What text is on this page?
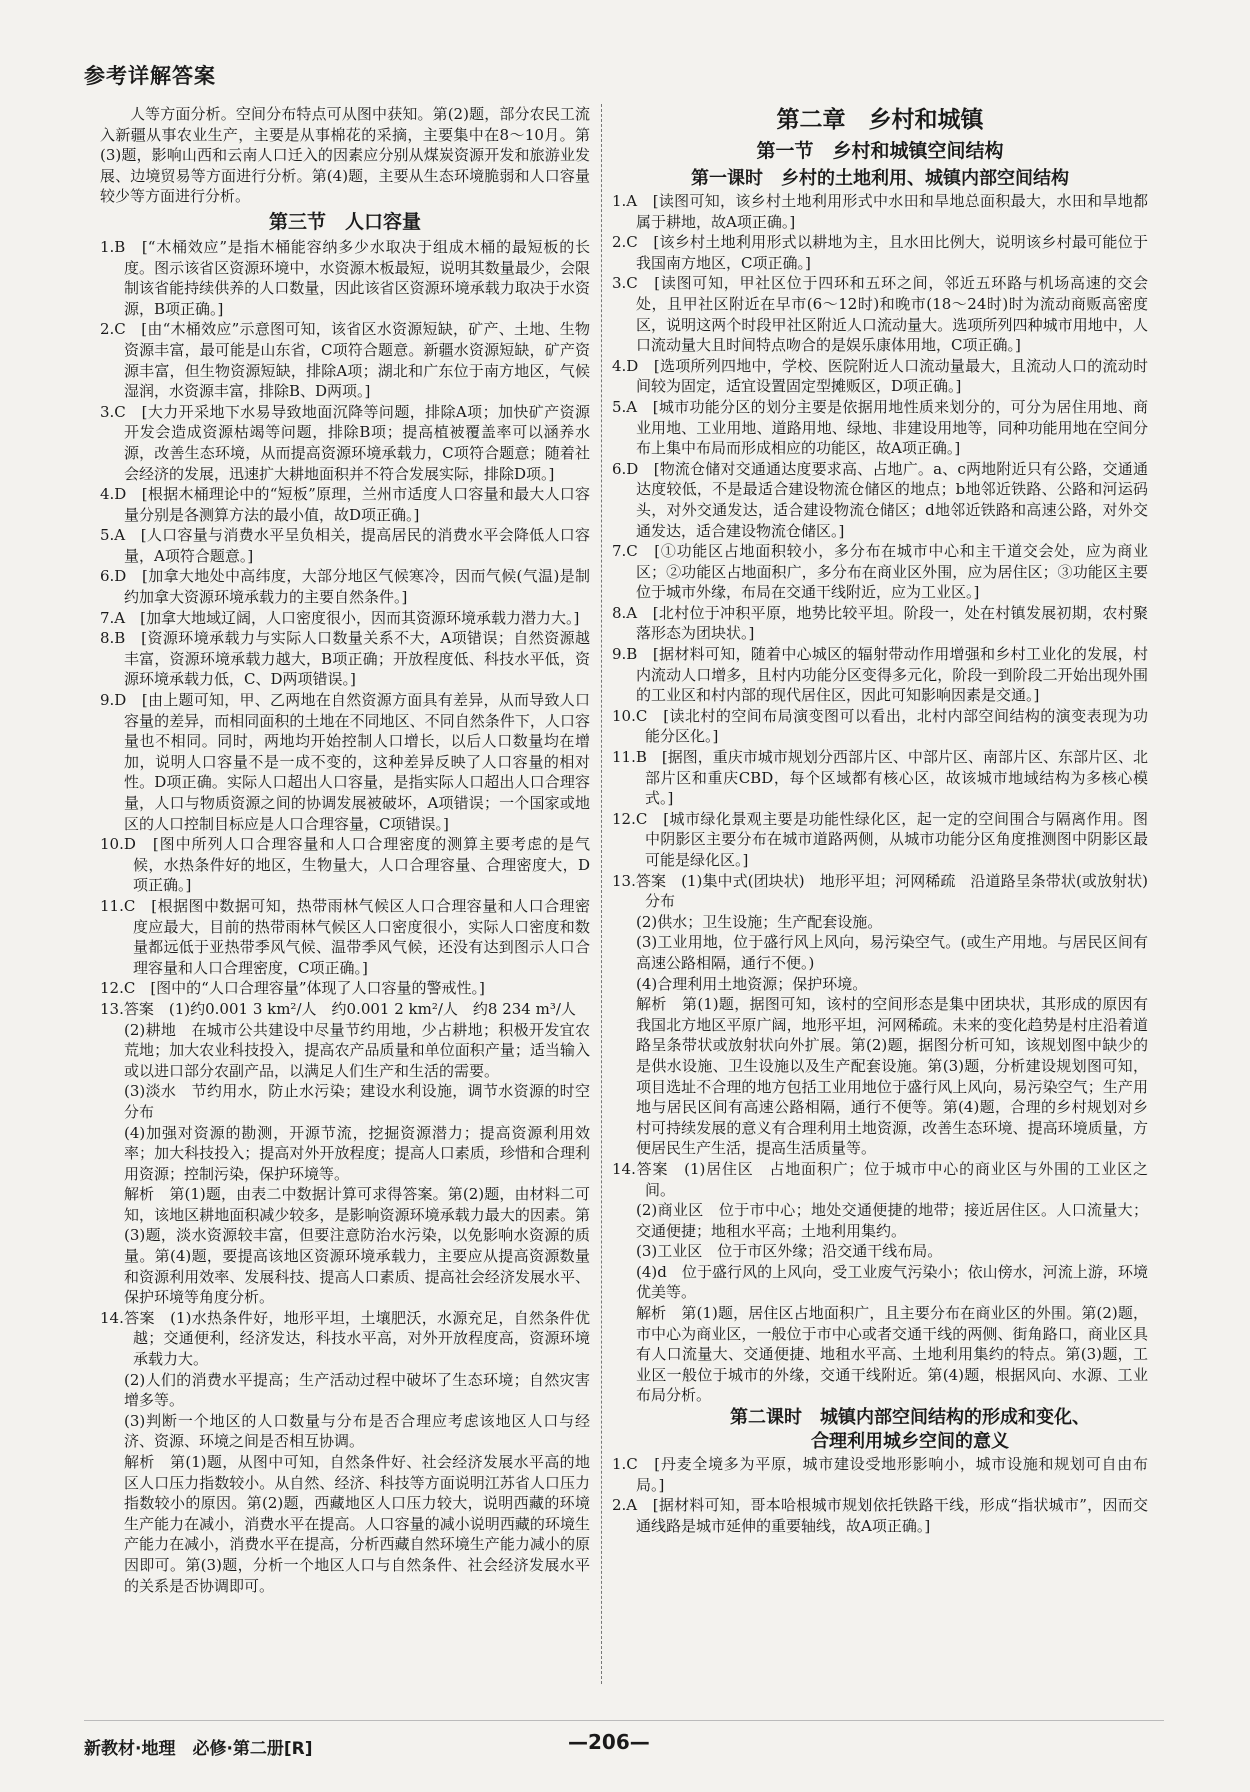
参考详解答案

人等方面分析。空间分布特点可从图中获知。第(2)题，部分农民工流入新疆从事农业生产，主要是从事棉花的采摘，主要集中在8～10月。第(3)题，影响山西和云南人口迁入的因素应分别从煤炭资源开发和旅游业发展、边境贸易等方面进行分析。第(4)题，主要从生态环境脆弱和人口容量较少等方面进行分析。

第三节　人口容量

1.B　[“木桶效应”是指木桶能容纳多少水取决于组成木桶的最短板的长度。图示该省区资源环境中，水资源木板最短，说明其数量最少，会限制该省能持续供养的人口数量，因此该省区资源环境承载力取决于水资源，B项正确。]

2.C　[由“木桶效应”示意图可知，该省区水资源短缺，矿产、土地、生物资源丰富，最可能是山东省，C项符合题意。新疆水资源短缺，矿产资源丰富，但生物资源短缺，排除A项；湖北和广东位于南方地区，气候湿润，水资源丰富，排除B、D两项。]

3.C　[大力开采地下水易导致地面沉降等问题，排除A项；加快矿产资源开发会造成资源枯竭等问题，排除B项；提高植被覆盖率可以涵养水源，改善生态环境，从而提高资源环境承载力，C项符合题意；随着社会经济的发展，迅速扩大耕地面积并不符合发展实际，排除D项。]

4.D　[根据木桶理论中的“短板”原理，兰州市适度人口容量和最大人口容量分别是各测算方法的最小值，故D项正确。]

5.A　[人口容量与消费水平呈负相关，提高居民的消费水平会降低人口容量，A项符合题意。]

6.D　[加拿大地处中高纬度，大部分地区气候寒冷，因而气候(气温)是制约加拿大资源环境承载力的主要自然条件。]

7.A　[加拿大地域辽阔，人口密度很小，因而其资源环境承载力潜力大。]

8.B　[资源环境承载力与实际人口数量关系不大，A项错误；自然资源越丰富，资源环境承载力越大，B项正确；开放程度低、科技水平低，资源环境承载力低，C、D两项错误。]

9.D　[由上题可知，甲、乙两地在自然资源方面具有差异，从而导致人口容量的差异，而相同面积的土地在不同地区、不同自然条件下，人口容量也不相同。同时，两地均开始控制人口增长，以后人口数量均在增加，说明人口容量不是一成不变的，这种差异反映了人口容量的相对性。D项正确。实际人口超出人口容量，是指实际人口超出人口合理容量，人口与物质资源之间的协调发展被破坏，A项错误；一个国家或地区的人口控制目标应是人口合理容量，C项错误。]

10.D　[图中所列人口合理容量和人口合理密度的测算主要考虑的是气候，水热条件好的地区，生物量大，人口合理容量、合理密度大，D项正确。]

11.C　[根据图中数据可知，热带雨林气候区人口合理容量和人口合理密度应最大，目前的热带雨林气候区人口密度很小，实际人口密度和数量都远低于亚热带季风气候、温带季风气候，还没有达到图示人口合理容量和人口合理密度，C项正确。]

12.C　[图中的“人口合理容量”体现了人口容量的警戒性。]

13.答案　(1)约0.001 3 km²/人　约0.001 2 km²/人　约8 234 m³/人

(2)耕地　在城市公共建设中尽量节约用地，少占耕地；积极开发宜农荒地；加大农业科技投入，提高农产品质量和单位面积产量；适当输入或以进口部分农副产品，以满足人们生产和生活的需要。

(3)淡水　节约用水，防止水污染；建设水利设施，调节水资源的时空分布

(4)加强对资源的勘测，开源节流，挖掘资源潜力；提高资源利用效率；加大科技投入；提高对外开放程度；提高人口素质，珍惜和合理利用资源；控制污染，保护环境等。

解析　第(1)题，由表二中数据计算可求得答案。第(2)题，由材料二可知，该地区耕地面积减少较多，是影响资源环境承载力最大的因素。第(3)题，淡水资源较丰富，但要注意防治水污染，以免影响水资源的质量。第(4)题，要提高该地区资源环境承载力，主要应从提高资源数量和资源利用效率、发展科技、提高人口素质、提高社会经济发展水平、保护环境等角度分析。

14.答案　(1)水热条件好，地形平坦，土壤肥沃，水源充足，自然条件优越；交通便利，经济发达，科技水平高，对外开放程度高，资源环境承载力大。

(2)人们的消费水平提高；生产活动过程中破坏了生态环境；自然灾害增多等。

(3)判断一个地区的人口数量与分布是否合理应考虑该地区人口与经济、资源、环境之间是否相互协调。

解析　第(1)题，从图中可知，自然条件好、社会经济发展水平高的地区人口压力指数较小。从自然、经济、科技等方面说明江苏省人口压力指数较小的原因。第(2)题，西藏地区人口压力较大，说明西藏的环境生产能力在减小，消费水平在提高。人口容量的减小说明西藏的环境生产能力在减小，消费水平在提高，分析西藏自然环境生产能力减小的原因即可。第(3)题，分析一个地区人口与自然条件、社会经济发展水平的关系是否协调即可。

第二章　乡村和城镇
第一节　乡村和城镇空间结构
第一课时　乡村的土地利用、城镇内部空间结构

1.A　[读图可知，该乡村土地利用形式中水田和旱地总面积最大，水田和旱地都属于耕地，故A项正确。]

2.C　[该乡村土地利用形式以耕地为主，且水田比例大，说明该乡村最可能位于我国南方地区，C项正确。]

3.C　[读图可知，甲社区位于四环和五环之间，邻近五环路与机场高速的交会处，且甲社区附近在早市(6～12时)和晚市(18～24时)时为流动商贩高密度区，说明这两个时段甲社区附近人口流动量大。选项所列四种城市用地中，人口流动量大且时间特点吻合的是娱乐康体用地，C项正确。]

4.D　[选项所列四地中，学校、医院附近人口流动量最大，且流动人口的流动时间较为固定，适宜设置固定型摊贩区，D项正确。]

5.A　[城市功能分区的划分主要是依据用地性质来划分的，可分为居住用地、商业用地、工业用地、道路用地、绿地、非建设用地等，同种功能用地在空间分布上集中布局而形成相应的功能区，故A项正确。]

6.D　[物流仓储对交通通达度要求高、占地广。a、c两地附近只有公路，交通通达度较低，不是最适合建设物流仓储区的地点；b地邻近铁路、公路和河运码头，对外交通发达，适合建设物流仓储区；d地邻近铁路和高速公路，对外交通发达，适合建设物流仓储区。]

7.C　[①功能区占地面积较小，多分布在城市中心和主干道交会处，应为商业区；②功能区占地面积广，多分布在商业区外围，应为居住区；③功能区主要位于城市外缘，布局在交通干线附近，应为工业区。]

8.A　[北村位于冲积平原，地势比较平坦。阶段一，处在村镇发展初期，农村聚落形态为团块状。]

9.B　[据材料可知，随着中心城区的辐射带动作用增强和乡村工业化的发展，村内流动人口增多，且村内功能分区变得多元化，阶段一到阶段二开始出现外围的工业区和村内部的现代居住区，因此可知影响因素是交通。]

10.C　[读北村的空间布局演变图可以看出，北村内部空间结构的演变表现为功能分区化。]

11.B　[据图，重庆市城市规划分西部片区、中部片区、南部片区、东部片区、北部片区和重庆CBD，每个区域都有核心区，故该城市地域结构为多核心模式。]

12.C　[城市绿化景观主要是功能性绿化区，起一定的空间围合与隔离作用。图中阴影区主要分布在城市道路两侧，从城市功能分区角度推测图中阴影区最可能是绿化区。]

13.答案　(1)集中式(团块状)　地形平坦；河网稀疏　沿道路呈条带状(或放射状)分布

(2)供水；卫生设施；生产配套设施。

(3)工业用地，位于盛行风上风向，易污染空气。(或生产用地。与居民区间有高速公路相隔，通行不便。)

(4)合理利用土地资源；保护环境。

解析　第(1)题，据图可知，该村的空间形态是集中团块状，其形成的原因有我国北方地区平原广阔，地形平坦，河网稀疏。未来的变化趋势是村庄沿着道路呈条带状或放射状向外扩展。第(2)题，据图分析可知，该规划图中缺少的是供水设施、卫生设施以及生产配套设施。第(3)题，分析建设规划图可知，项目选址不合理的地方包括工业用地位于盛行风上风向，易污染空气；生产用地与居民区间有高速公路相隔，通行不便等。第(4)题，合理的乡村规划对乡村可持续发展的意义有合理利用土地资源，改善生态环境、提高环境质量，方便居民生产生活，提高生活质量等。

14.答案　(1)居住区　占地面积广；位于城市中心的商业区与外围的工业区之间。

(2)商业区　位于市中心；地处交通便捷的地带；接近居住区。人口流量大；交通便捷；地租水平高；土地利用集约。

(3)工业区　位于市区外缘；沿交通干线布局。

(4)d　位于盛行风的上风向，受工业废气污染小；依山傍水，河流上游，环境优美等。

解析　第(1)题，居住区占地面积广，且主要分布在商业区的外围。第(2)题，市中心为商业区，一般位于市中心或者交通干线的两侧、街角路口，商业区具有人口流量大、交通便捷、地租水平高、土地利用集约的特点。第(3)题，工业区一般位于城市的外缘，交通干线附近。第(4)题，根据风向、水源、工业布局分析。

第二课时　城镇内部空间结构的形成和变化、
合理利用城乡空间的意义

1.C　[丹麦全境多为平原，城市建设受地形影响小，城市设施和规划可自由布局。]

2.A　[据材料可知，哥本哈根城市规划依托铁路干线，形成“指状城市”，因而交通线路是城市延伸的重要轴线，故A项正确。]

新教材·地理　必修·第二册[R]	—206—
